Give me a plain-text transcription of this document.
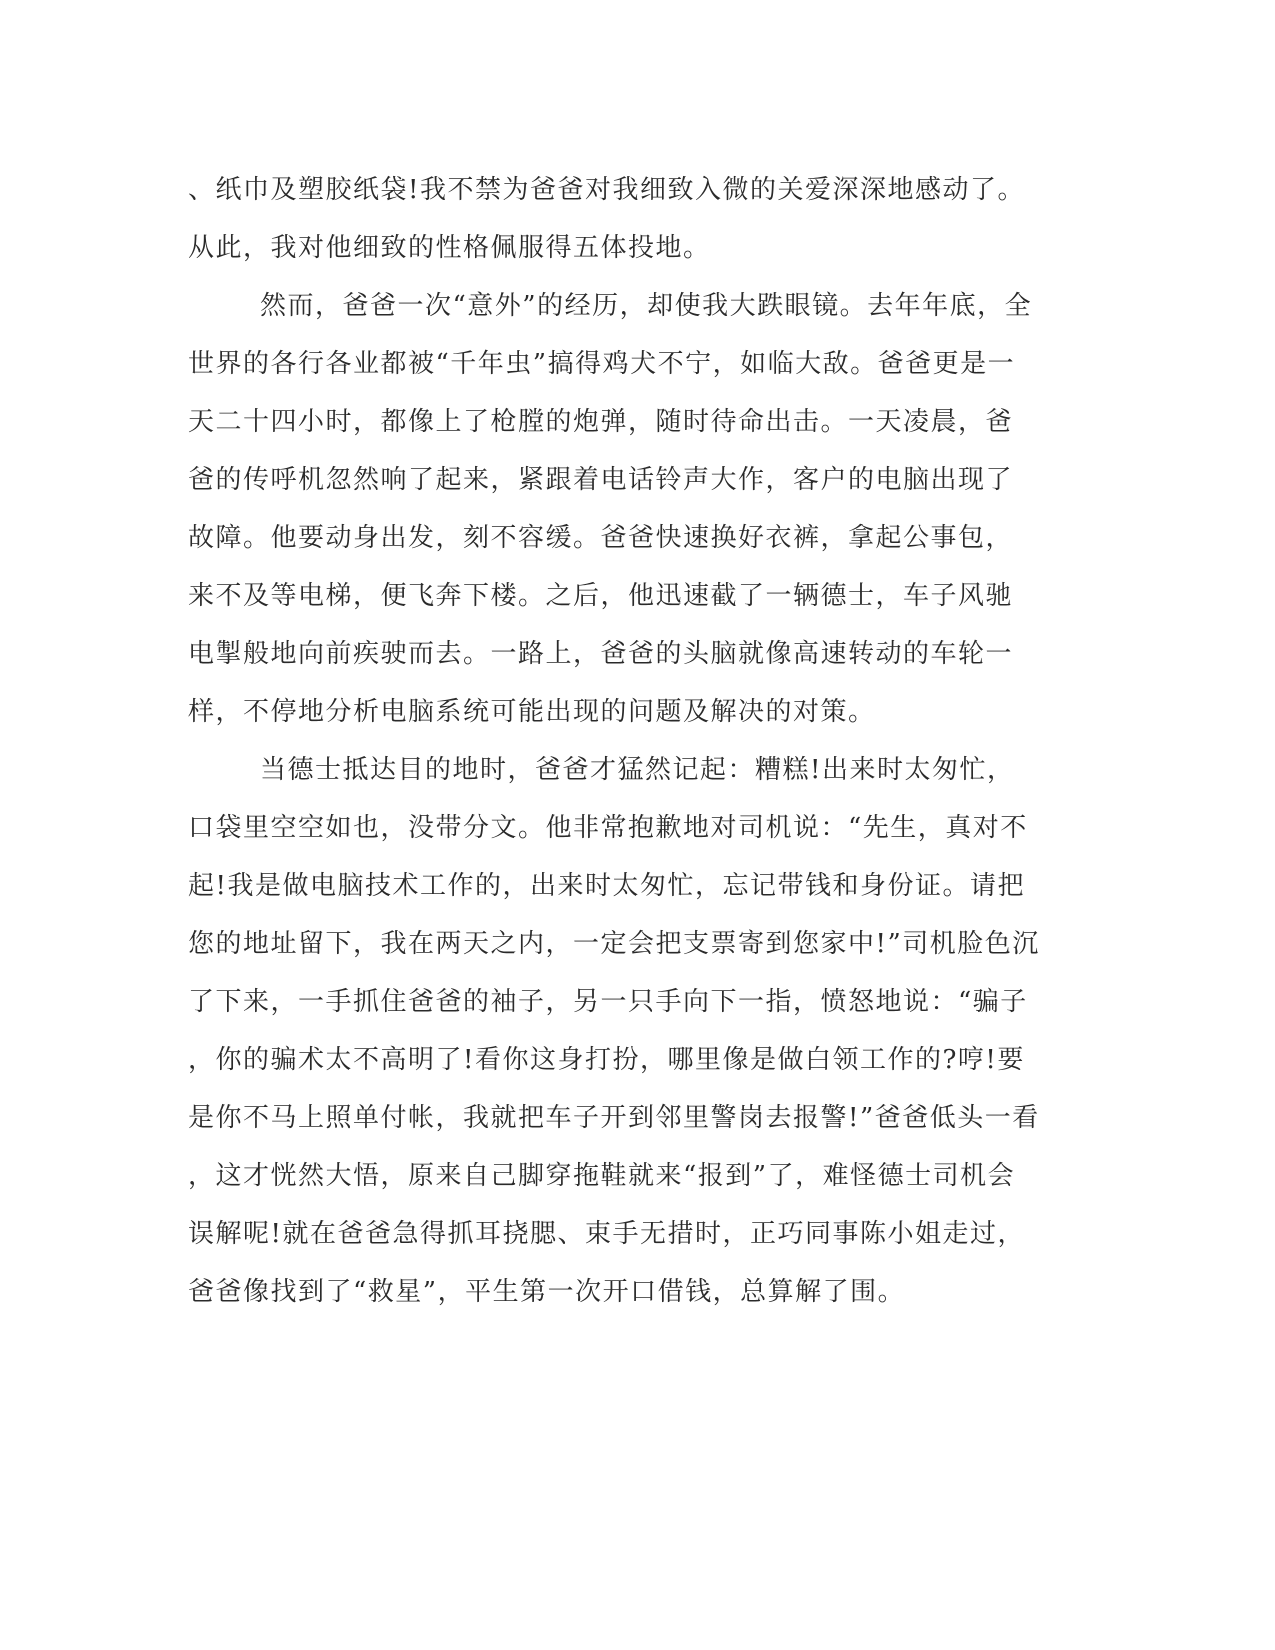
、纸巾及塑胶纸袋!我不禁为爸爸对我细致入微的关爱深深地感动了。
从此，我对他细致的性格佩服得五体投地。
然而，爸爸一次“意外”的经历，却使我大跌眼镜。去年年底，全
世界的各行各业都被“千年虫”搞得鸡犬不宁，如临大敌。爸爸更是一
天二十四小时，都像上了枪膛的炮弹，随时待命出击。一天凌晨，爸
爸的传呼机忽然响了起来，紧跟着电话铃声大作，客户的电脑出现了
故障。他要动身出发，刻不容缓。爸爸快速换好衣裤，拿起公事包，
来不及等电梯，便飞奔下楼。之后，他迅速截了一辆德士，车子风驰
电掣般地向前疾驶而去。一路上，爸爸的头脑就像高速转动的车轮一
样，不停地分析电脑系统可能出现的问题及解决的对策。
当德士抵达目的地时，爸爸才猛然记起：糟糕!出来时太匆忙，
口袋里空空如也，没带分文。他非常抱歉地对司机说：“先生，真对不
起!我是做电脑技术工作的，出来时太匆忙，忘记带钱和身份证。请把
您的地址留下，我在两天之内，一定会把支票寄到您家中!”司机脸色沉
了下来，一手抓住爸爸的袖子，另一只手向下一指，愤怒地说：“骗子
，你的骗术太不高明了!看你这身打扮，哪里像是做白领工作的?哼!要
是你不马上照单付帐，我就把车子开到邻里警岗去报警!”爸爸低头一看
，这才恍然大悟，原来自己脚穿拖鞋就来“报到”了，难怪德士司机会
误解呢!就在爸爸急得抓耳挠腮、束手无措时，正巧同事陈小姐走过，
爸爸像找到了“救星”，平生第一次开口借钱，总算解了围。
